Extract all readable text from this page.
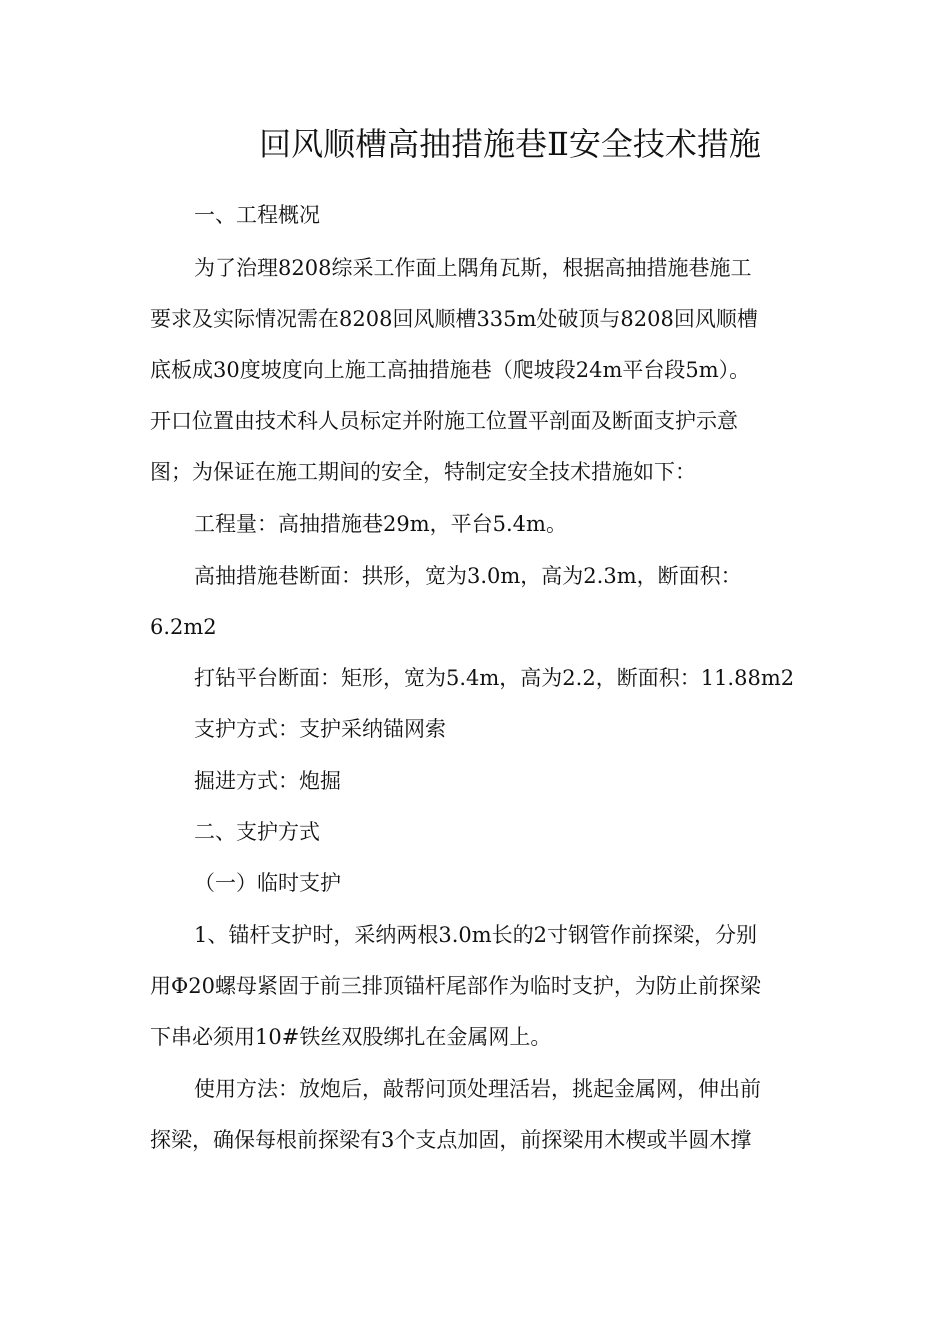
回风顺槽高抽措施巷Ⅱ安全技术措施
一、工程概况
为了治理8208综采工作面上隅角瓦斯，根据高抽措施巷施工
要求及实际情况需在8208回风顺槽335m处破顶与8208回风顺槽
底板成30度坡度向上施工高抽措施巷（爬坡段24m平台段5m）。
开口位置由技术科人员标定并附施工位置平剖面及断面支护示意
图；为保证在施工期间的安全，特制定安全技术措施如下：
工程量：高抽措施巷29m，平台5.4m。
高抽措施巷断面：拱形，宽为3.0m，高为2.3m，断面积：
6.2m2
打钻平台断面：矩形，宽为5.4m，高为2.2，断面积：11.88m2
支护方式：支护采纳锚网索
掘进方式：炮掘
二、支护方式
（一）临时支护
1、锚杆支护时，采纳两根3.0m长的2寸钢管作前探梁，分别
用Φ20螺母紧固于前三排顶锚杆尾部作为临时支护，为防止前探梁
下串必须用10#铁丝双股绑扎在金属网上。
使用方法：放炮后，敲帮问顶处理活岩，挑起金属网，伸出前
探梁，确保每根前探梁有3个支点加固，前探梁用木楔或半圆木撑
